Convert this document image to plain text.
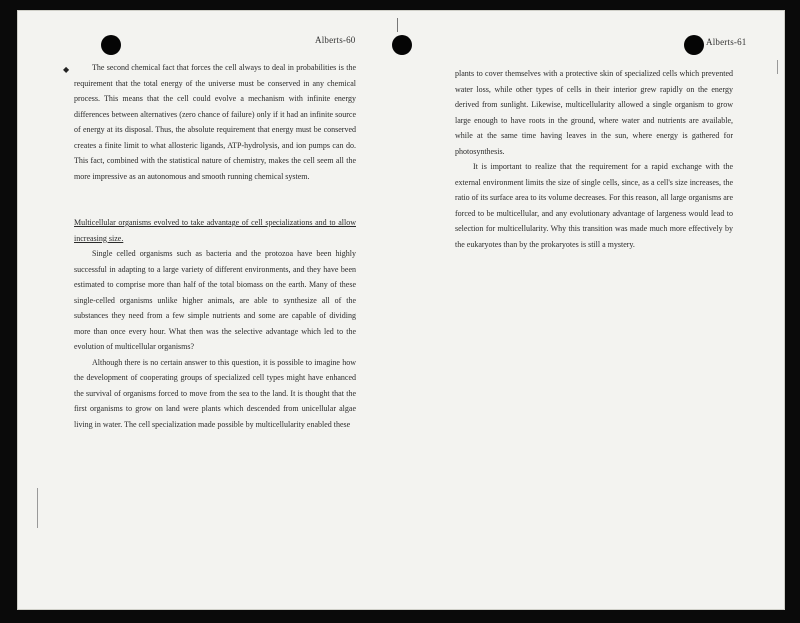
Alberts-60	Alberts-61
◆	The second chemical fact that forces the cell always to deal in probabilities is the requirement that the total energy of the universe must be conserved in any chemical process. This means that the cell could evolve a mechanism with infinite energy differences between alternatives (zero chance of failure) only if it had an infinite source of energy at its disposal. Thus, the absolute requirement that energy must be conserved creates a finite limit to what allosteric ligands, ATP-hydrolysis, and ion pumps can do. This fact, combined with the statistical nature of chemistry, makes the cell seem all the more impressive as an autonomous and smooth running chemical system.

Multicellular organisms evolved to take advantage of cell specializations and to allow increasing size.

Single celled organisms such as bacteria and the protozoa have been highly successful in adapting to a large variety of different environments, and they have been estimated to comprise more than half of the total biomass on the earth. Many of these single-celled organisms unlike higher animals, are able to synthesize all of the substances they need from a few simple nutrients and some are capable of dividing more than once every hour. What then was the selective advantage which led to the evolution of multicellular organisms?

Although there is no certain answer to this question, it is possible to imagine how the development of cooperating groups of specialized cell types might have enhanced the survival of organisms forced to move from the sea to the land. It is thought that the first organisms to grow on land were plants which descended from unicellular algae living in water. The cell specialization made possible by multicellularity enabled these

plants to cover themselves with a protective skin of specialized cells which prevented water loss, while other types of cells in their interior grew rapidly on the energy derived from sunlight. Likewise, multicellularity allowed a single organism to grow large enough to have roots in the ground, where water and nutrients are available, while at the same time having leaves in the sun, where energy is gathered for photosynthesis.

It is important to realize that the requirement for a rapid exchange with the external environment limits the size of single cells, since, as a cell's size increases, the ratio of its surface area to its volume decreases. For this reason, all large organisms are forced to be multicellular, and any evolutionary advantage of largeness would lead to selection for multicellularity. Why this transition was made much more effectively by the eukaryotes than by the prokaryotes is still a mystery.
